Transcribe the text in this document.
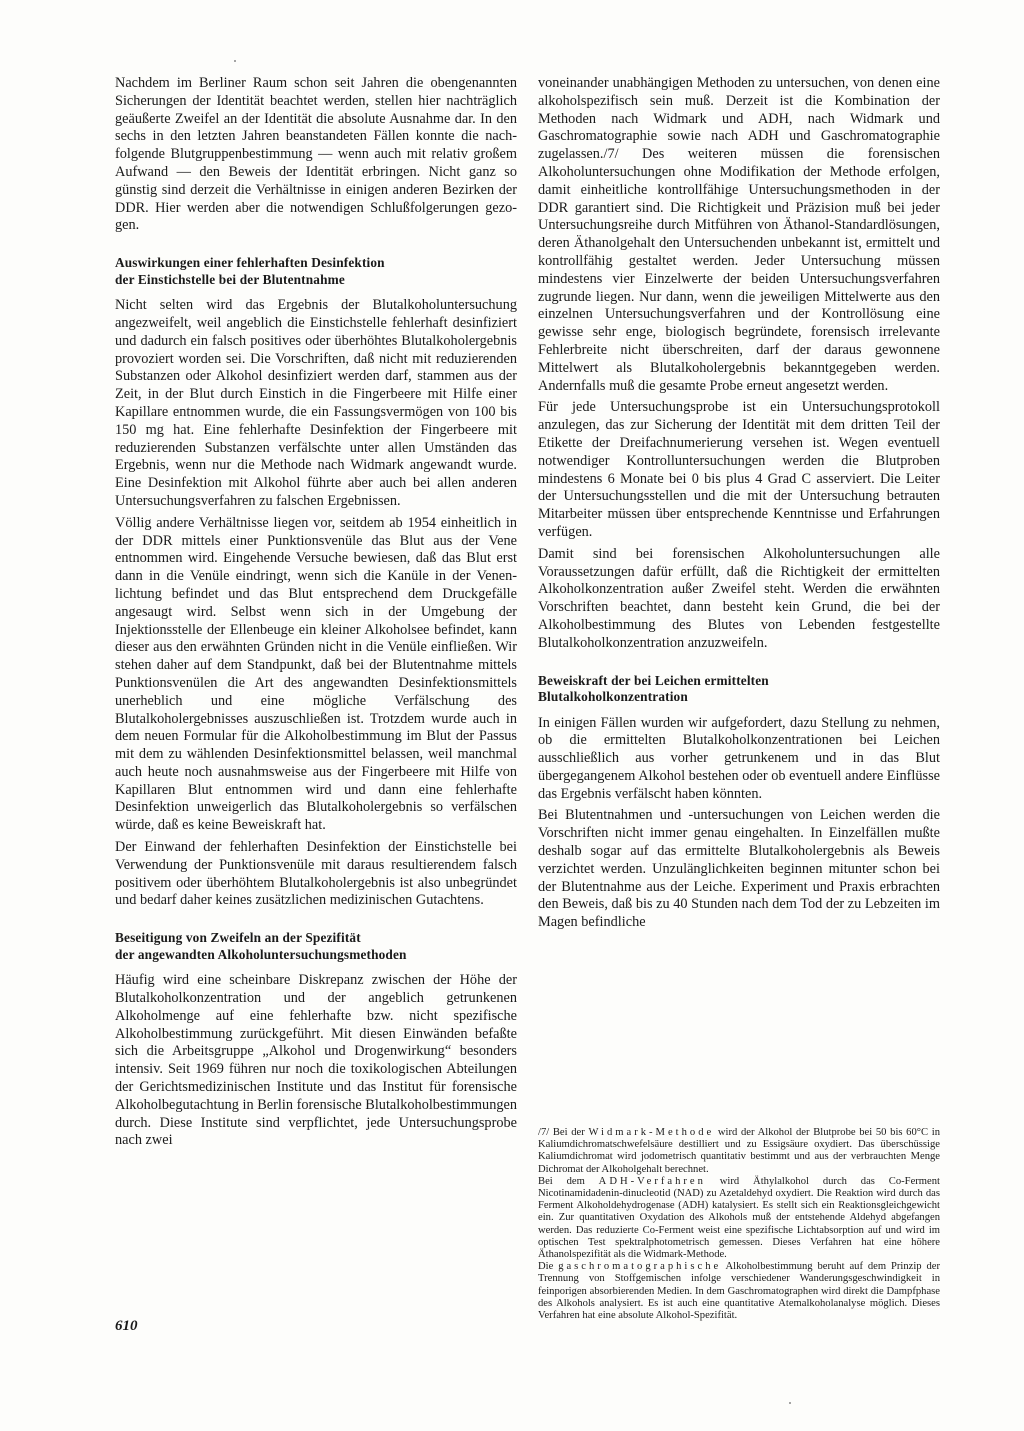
Nachdem im Berliner Raum schon seit Jahren die obengenannten Sicherungen der Identität beachtet werden, stellen hier nachträglich geäußerte Zweifel an der Identität die absolute Ausnahme dar. In den sechs in den letzten Jahren beanstandeten Fällen konnte die nachfolgende Blutgruppenbestimmung — wenn auch mit relativ großem Aufwand — den Beweis der Identität erbringen. Nicht ganz so günstig sind derzeit die Verhältnisse in einigen anderen Bezirken der DDR. Hier werden aber die notwendigen Schlußfolgerungen gezogen.

Auswirkungen einer fehlerhaften Desinfektion
der Einstichstelle bei der Blutentnahme

Nicht selten wird das Ergebnis der Blutalkoholuntersuchung angezweifelt, weil angeblich die Einstichstelle fehlerhaft desinfiziert und dadurch ein falsch positives oder überhöhtes Blutalkoholergebnis provoziert worden sei. Die Vorschriften, daß nicht mit reduzierenden Substanzen oder Alkohol desinfiziert werden darf, stammen aus der Zeit, in der Blut durch Einstich in die Fingerbeere mit Hilfe einer Kapillare entnommen wurde, die ein Fassungsvermögen von 100 bis 150 mg hat. Eine fehlerhafte Desinfektion der Fingerbeere mit reduzierenden Substanzen verfälschte unter allen Umständen das Ergebnis, wenn nur die Methode nach Widmark angewandt wurde. Eine Desinfektion mit Alkohol führte aber auch bei allen anderen Untersuchungsverfahren zu falschen Ergebnissen.

Völlig andere Verhältnisse liegen vor, seitdem ab 1954 einheitlich in der DDR mittels einer Punktionsvenüle das Blut aus der Vene entnommen wird. Eingehende Versuche bewiesen, daß das Blut erst dann in die Venüle eindringt, wenn sich die Kanüle in der Venenlichtung befindet und das Blut entsprechend dem Druckgefälle angesaugt wird. Selbst wenn sich in der Umgebung der Injektionsstelle der Ellenbeuge ein kleiner Alkoholsee befindet, kann dieser aus den erwähnten Gründen nicht in die Venüle einfließen. Wir stehen daher auf dem Standpunkt, daß bei der Blutentnahme mittels Punktionsvenülen die Art des angewandten Desinfektionsmittels unerheblich und eine mögliche Verfälschung des Blutalkoholergebnisses auszuschließen ist. Trotzdem wurde auch in dem neuen Formular für die Alkoholbestimmung im Blut der Passus mit dem zu wählenden Desinfektionsmittel belassen, weil manchmal auch heute noch ausnahmsweise aus der Fingerbeere mit Hilfe von Kapillaren Blut entnommen wird und dann eine fehlerhafte Desinfektion unweigerlich das Blutalkoholergebnis so verfälschen würde, daß es keine Beweiskraft hat.

Der Einwand der fehlerhaften Desinfektion der Einstichstelle bei Verwendung der Punktionsvenüle mit daraus resultierendem falsch positivem oder überhöhtem Blutalkoholergebnis ist also unbegründet und bedarf daher keines zusätzlichen medizinischen Gutachtens.

Beseitigung von Zweifeln an der Spezifität
der angewandten Alkoholuntersuchungsmethoden

Häufig wird eine scheinbare Diskrepanz zwischen der Höhe der Blutalkoholkonzentration und der angeblich getrunkenen Alkoholmenge auf eine fehlerhafte bzw. nicht spezifische Alkoholbestimmung zurückgeführt. Mit diesen Einwänden befaßte sich die Arbeitsgruppe „Alkohol und Drogenwirkung“ besonders intensiv. Seit 1969 führen nur noch die toxikologischen Abteilungen der Gerichtsmedizinischen Institute und das Institut für forensische Alkoholbegutachtung in Berlin forensische Blutalkoholbestimmungen durch. Diese Institute sind verpflichtet, jede Untersuchungsprobe nach zwei

voneinander unabhängigen Methoden zu untersuchen, von denen eine alkoholspezifisch sein muß. Derzeit ist die Kombination der Methoden nach Widmark und ADH, nach Widmark und Gaschromatographie sowie nach ADH und Gaschromatographie zugelassen./7/ Des weiteren müssen die forensischen Alkoholuntersuchungen ohne Modifikation der Methode erfolgen, damit einheitliche kontrollfähige Untersuchungsmethoden in der DDR garantiert sind. Die Richtigkeit und Präzision muß bei jeder Untersuchungsreihe durch Mitführen von Äthanol-Standardlösungen, deren Äthanolgehalt den Untersuchenden unbekannt ist, ermittelt und kontrollfähig gestaltet werden. Jeder Untersuchung müssen mindestens vier Einzelwerte der beiden Untersuchungsverfahren zugrunde liegen. Nur dann, wenn die jeweiligen Mittelwerte aus den einzelnen Untersuchungsverfahren und der Kontrollösung eine gewisse sehr enge, biologisch begründete, forensisch irrelevante Fehlerbreite nicht überschreiten, darf der daraus gewonnene Mittelwert als Blutalkoholergebnis bekanntgegeben werden. Andernfalls muß die gesamte Probe erneut angesetzt werden.

Für jede Untersuchungsprobe ist ein Untersuchungsprotokoll anzulegen, das zur Sicherung der Identität mit dem dritten Teil der Etikette der Dreifachnumerierung versehen ist. Wegen eventuell notwendiger Kontrolluntersuchungen werden die Blutproben mindestens 6 Monate bei 0 bis plus 4 Grad C asserviert. Die Leiter der Untersuchungsstellen und die mit der Untersuchung betrauten Mitarbeiter müssen über entsprechende Kenntnisse und Erfahrungen verfügen.

Damit sind bei forensischen Alkoholuntersuchungen alle Voraussetzungen dafür erfüllt, daß die Richtigkeit der ermittelten Alkoholkonzentration außer Zweifel steht. Werden die erwähnten Vorschriften beachtet, dann besteht kein Grund, die bei der Alkoholbestimmung des Blutes von Lebenden festgestellte Blutalkoholkonzentration anzuzweifeln.

Beweiskraft der bei Leichen ermittelten
Blutalkoholkonzentration

In einigen Fällen wurden wir aufgefordert, dazu Stellung zu nehmen, ob die ermittelten Blutalkoholkonzentrationen bei Leichen ausschließlich aus vorher getrunkenem und in das Blut übergegangenem Alkohol bestehen oder ob eventuell andere Einflüsse das Ergebnis verfälscht haben könnten.

Bei Blutentnahmen und -untersuchungen von Leichen werden die Vorschriften nicht immer genau eingehalten. In Einzelfällen mußte deshalb sogar auf das ermittelte Blutalkoholergebnis als Beweis verzichtet werden. Unzulänglichkeiten beginnen mitunter schon bei der Blutentnahme aus der Leiche. Experiment und Praxis erbrachten den Beweis, daß bis zu 40 Stunden nach dem Tod der zu Lebzeiten im Magen befindliche

/7/ Bei der Widmark-Methode wird der Alkohol der Blutprobe bei 50 bis 60°C in Kaliumdichromatschwefelsäure destilliert und zu Essigsäure oxydiert. Das überschüssige Kaliumdichromat wird jodometrisch quantitativ bestimmt und aus der verbrauchten Menge Dichromat der Alkoholgehalt berechnet.

Bei dem ADH-Verfahren wird Äthylalkohol durch das Co-Ferment Nicotinamidadenin-dinucleotid (NAD) zu Azetaldehyd oxydiert. Die Reaktion wird durch das Ferment Alkoholdehydrogenase (ADH) katalysiert. Es stellt sich ein Reaktionsgleichgewicht ein. Zur quantitativen Oxydation des Alkohols muß der entstehende Aldehyd abgefangen werden. Das reduzierte Co-Ferment weist eine spezifische Lichtabsorption auf und wird im optischen Test spektralphotometrisch gemessen. Dieses Verfahren hat eine höhere Äthanolspezifität als die Widmark-Methode.

Die gaschromatographische Alkoholbestimmung beruht auf dem Prinzip der Trennung von Stoffgemischen infolge verschiedener Wanderungsgeschwindigkeit in feinporigen absorbierenden Medien. In dem Gaschromatographen wird direkt die Dampfphase des Alkohols analysiert. Es ist auch eine quantitative Atemalkoholanalyse möglich. Dieses Verfahren hat eine absolute Alkohol-Spezifität.

610
